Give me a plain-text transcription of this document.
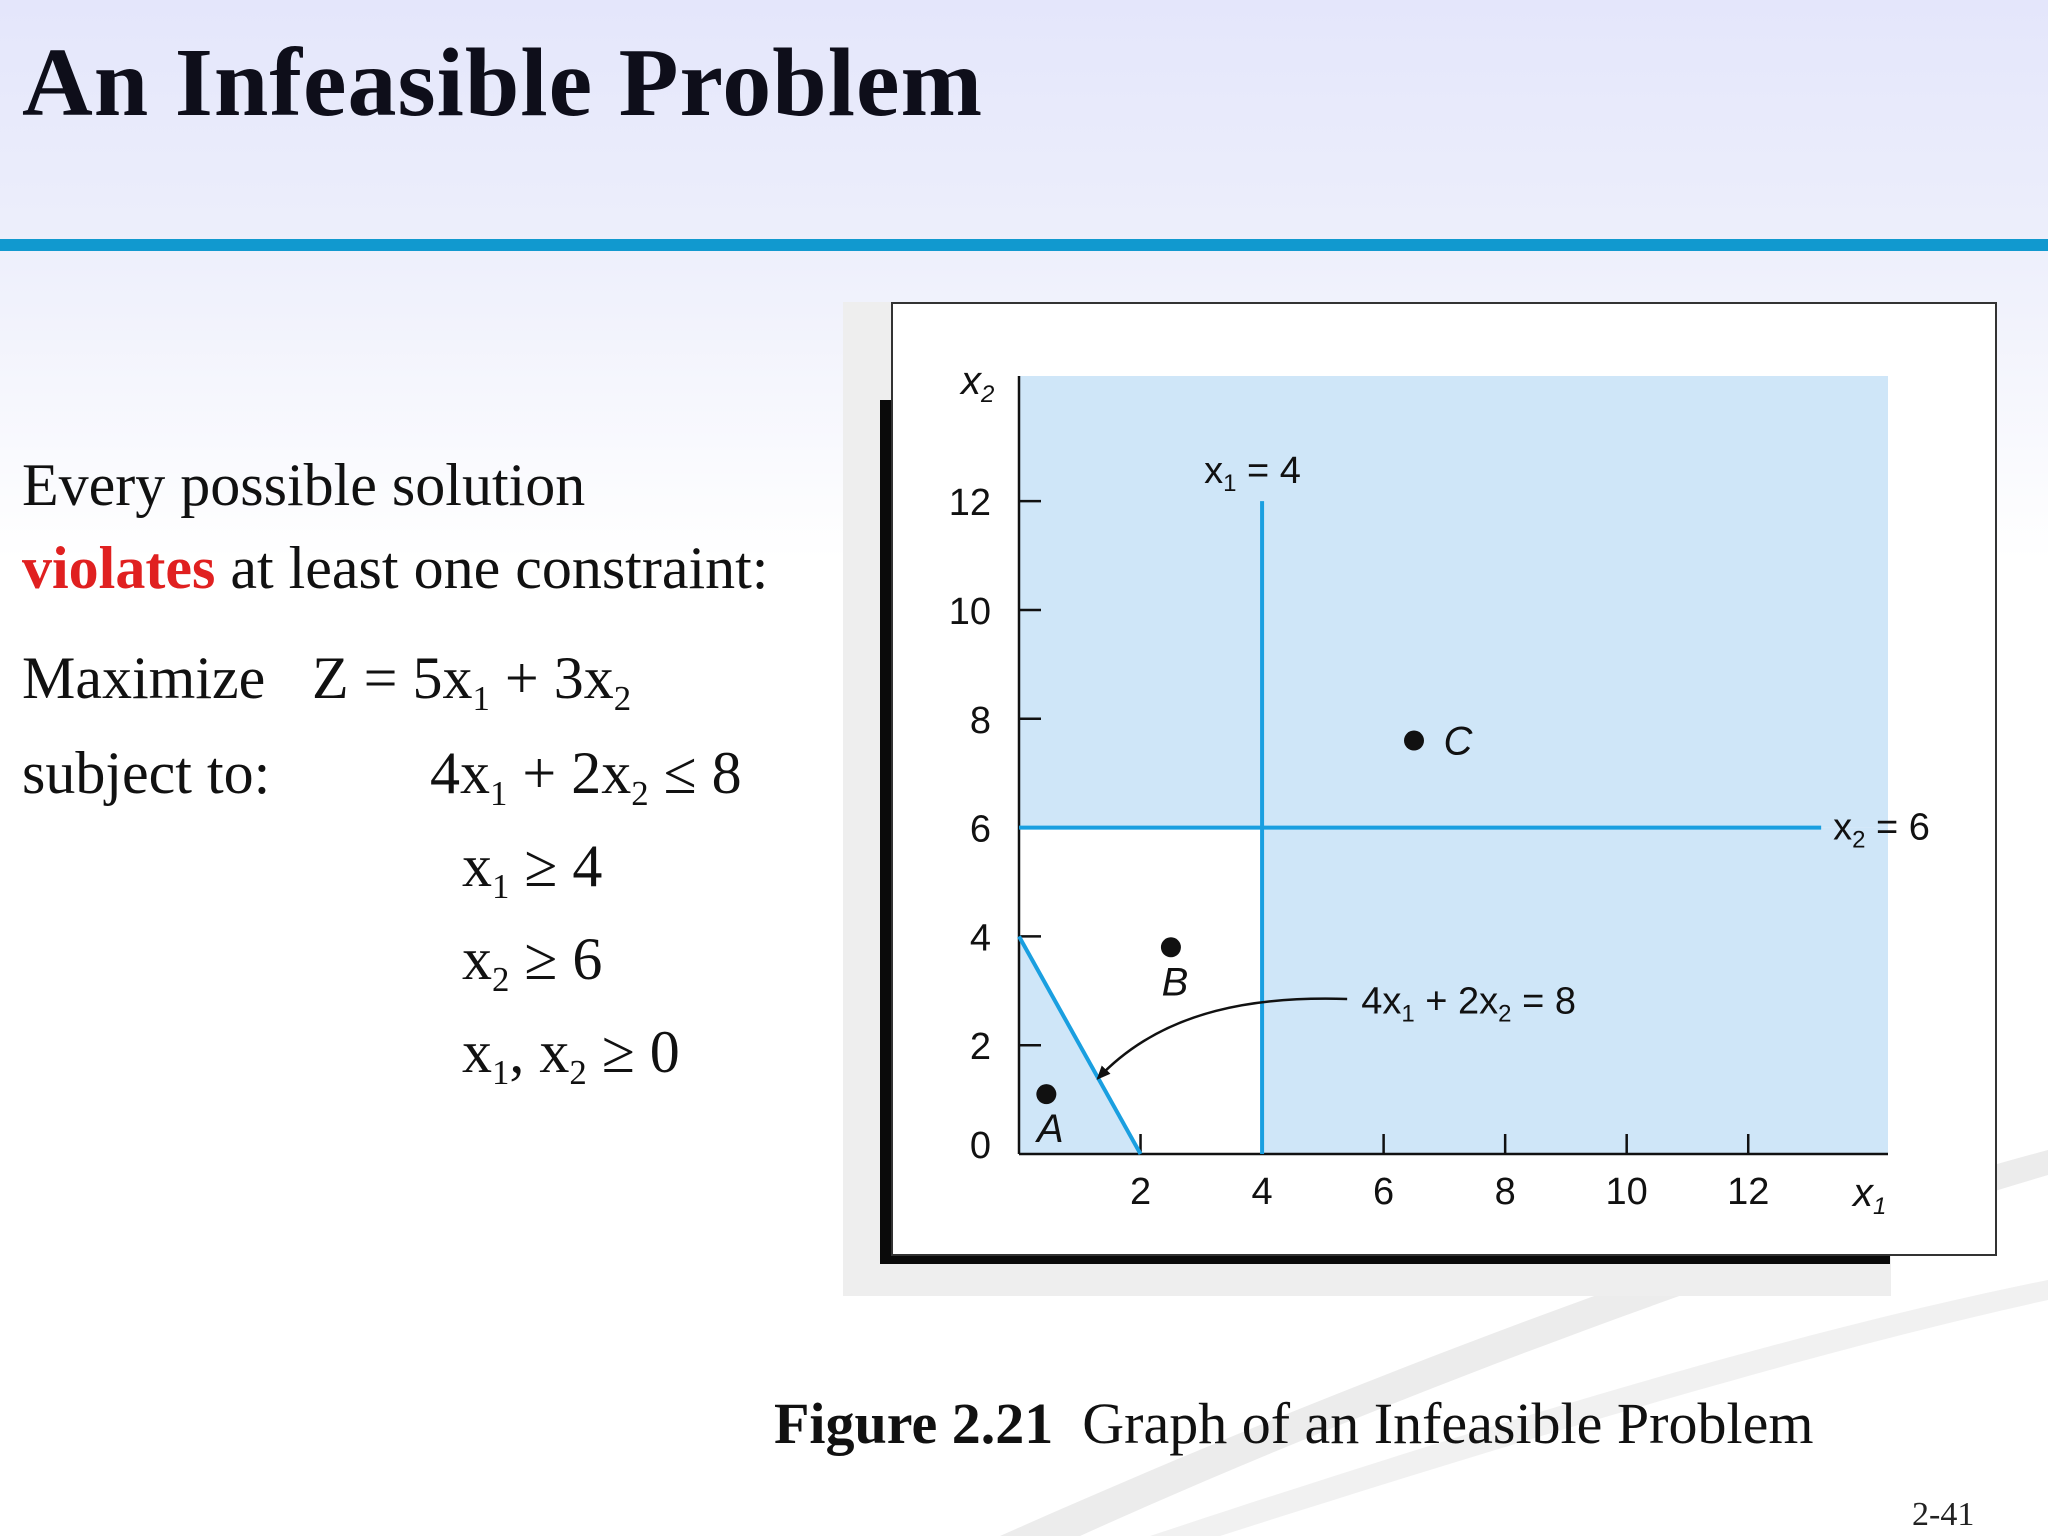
An Infeasible Problem
Every possible solution
violates at least one constraint:
Maximize $Z = 5x_1 + 3x_2$
subject to:	$4x_1 + 2x_2 \le 8$
$x_1 \ge 4$
$x_2 \ge 6$
$x_1$, $x_2 \ge 0$
$x_2$
$x_1$
0
2
4
6
8
10
12
2	4	6	8 10 12
$x_1 = 4$
$x_2 = 6$
$4x_1 + 2x_2 = 8$
A
B
C
Figure 2.21 Graph of an Infeasible Problem
2-41
